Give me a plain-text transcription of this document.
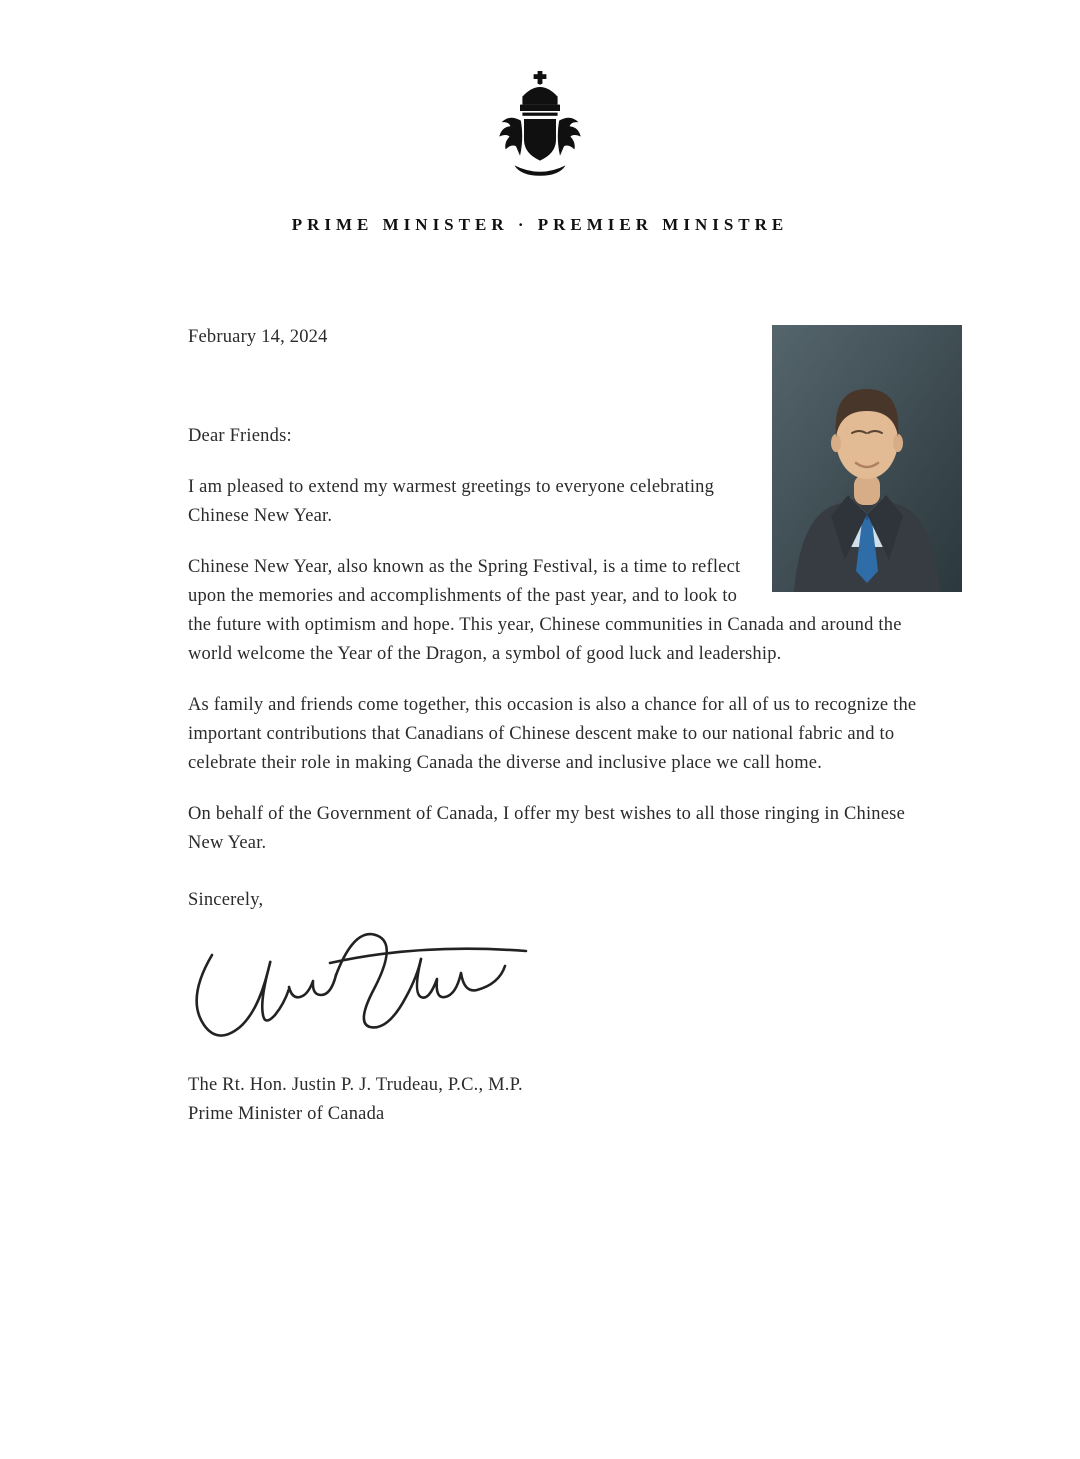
PRIME MINISTER · PREMIER MINISTRE

February 14, 2024

Dear Friends:

I am pleased to extend my warmest greetings to everyone celebrating Chinese New Year.

Chinese New Year, also known as the Spring Festival, is a time to reflect upon the memories and accomplishments of the past year, and to look to the future with optimism and hope. This year, Chinese communities in Canada and around the world welcome the Year of the Dragon, a symbol of good luck and leadership.

As family and friends come together, this occasion is also a chance for all of us to recognize the important contributions that Canadians of Chinese descent make to our national fabric and to celebrate their role in making Canada the diverse and inclusive place we call home.

On behalf of the Government of Canada, I offer my best wishes to all those ringing in Chinese New Year.

Sincerely,

The Rt. Hon. Justin P. J. Trudeau, P.C., M.P.
Prime Minister of Canada
